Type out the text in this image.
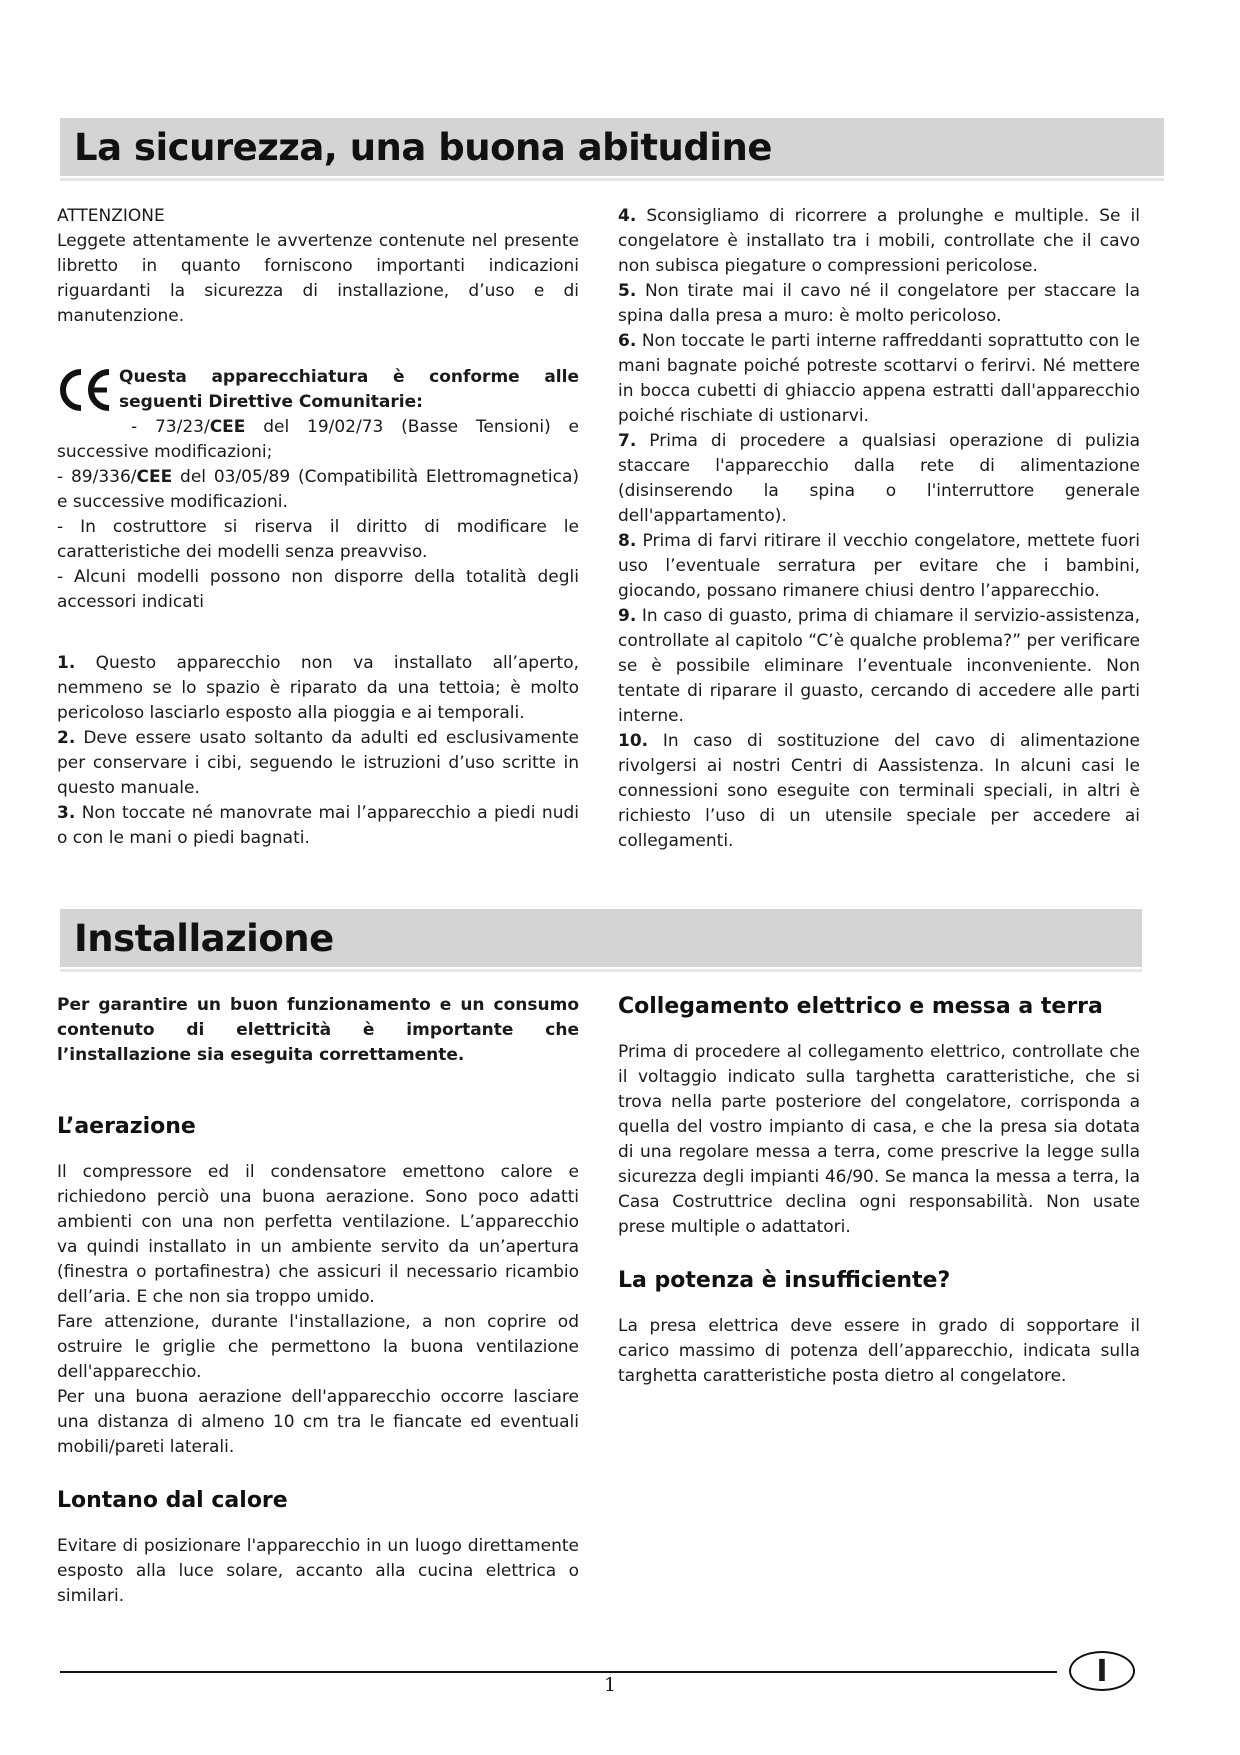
La sicurezza, una buona abitudine

ATTENZIONE

Leggete attentamente le avvertenze contenute nel presente libretto in quanto forniscono importanti indicazioni riguardanti la sicurezza di installazione, d’uso e di manutenzione.

Questa apparecchiatura è conforme alle seguenti Direttive Comunitarie:

- 73/23/CEE del 19/02/73 (Basse Tensioni) e successive modificazioni;

- 89/336/CEE del 03/05/89 (Compatibilità Elettromagnetica) e successive modificazioni.

- In costruttore si riserva il diritto di modificare le caratteristiche dei modelli senza preavviso.

- Alcuni modelli possono non disporre della totalità degli accessori indicati

1. Questo apparecchio non va installato all’aperto, nemmeno se lo spazio è riparato da una tettoia; è molto pericoloso lasciarlo esposto alla pioggia e ai temporali.

2. Deve essere usato soltanto da adulti ed esclusivamente per conservare i cibi, seguendo le istruzioni d’uso scritte in questo manuale.

3. Non toccate né manovrate mai l’apparecchio a piedi nudi o con le mani o piedi bagnati.

4. Sconsigliamo di ricorrere a prolunghe e multiple. Se il congelatore è installato tra i mobili, controllate che il cavo non subisca piegature o compressioni pericolose.

5. Non tirate mai il cavo né il congelatore per staccare la spina dalla presa a muro: è molto pericoloso.

6. Non toccate le parti interne raffreddanti soprattutto con le mani bagnate poiché potreste scottarvi o ferirvi. Né mettere in bocca cubetti di ghiaccio appena estratti dall'apparecchio poiché rischiate di ustionarvi.

7. Prima di procedere a qualsiasi operazione di pulizia staccare l'apparecchio dalla rete di alimentazione (disinserendo la spina o l'interruttore generale dell'appartamento).

8. Prima di farvi ritirare il vecchio congelatore, mettete fuori uso l’eventuale serratura per evitare che i bambini, giocando, possano rimanere chiusi dentro l’apparecchio.

9. In caso di guasto, prima di chiamare il servizio-assistenza, controllate al capitolo “C’è qualche problema?” per verificare se è possibile eliminare l’eventuale inconveniente. Non tentate di riparare il guasto, cercando di accedere alle parti interne.

10. In caso di sostituzione del cavo di alimentazione rivolgersi ai nostri Centri di Aassistenza. In alcuni casi le connessioni sono eseguite con terminali speciali, in altri è richiesto l’uso di un utensile speciale per accedere ai collegamenti.

Installazione

Per garantire un buon funzionamento e un consumo contenuto di elettricità è importante che l’installazione sia eseguita correttamente.

L’aerazione

Il compressore ed il condensatore emettono calore e richiedono perciò una buona aerazione. Sono poco adatti ambienti con una non perfetta ventilazione. L’apparecchio va quindi installato in un ambiente servito da un’apertura (finestra o portafinestra) che assicuri il necessario ricambio dell’aria. E che non sia troppo umido.

Fare attenzione, durante l'installazione, a non coprire od ostruire le griglie che permettono la buona ventilazione dell'apparecchio.

Per una buona aerazione dell'apparecchio occorre lasciare una distanza di almeno 10 cm tra le fiancate ed eventuali mobili/pareti laterali.

Lontano dal calore

Evitare di posizionare l'apparecchio in un luogo direttamente esposto alla luce solare, accanto alla cucina elettrica o similari.

Collegamento elettrico e messa a terra

Prima di procedere al collegamento elettrico, controllate che il voltaggio indicato sulla targhetta caratteristiche, che si trova nella parte posteriore del congelatore, corrisponda a quella del vostro impianto di casa, e che la presa sia dotata di una regolare messa a terra, come prescrive la legge sulla sicurezza degli impianti 46/90. Se manca la messa a terra, la Casa Costruttrice declina ogni responsabilità. Non usate prese multiple o adattatori.

La potenza è insufficiente?

La presa elettrica deve essere in grado di sopportare il carico massimo di potenza dell’apparecchio, indicata sulla targhetta caratteristiche posta dietro al congelatore.

1	I
